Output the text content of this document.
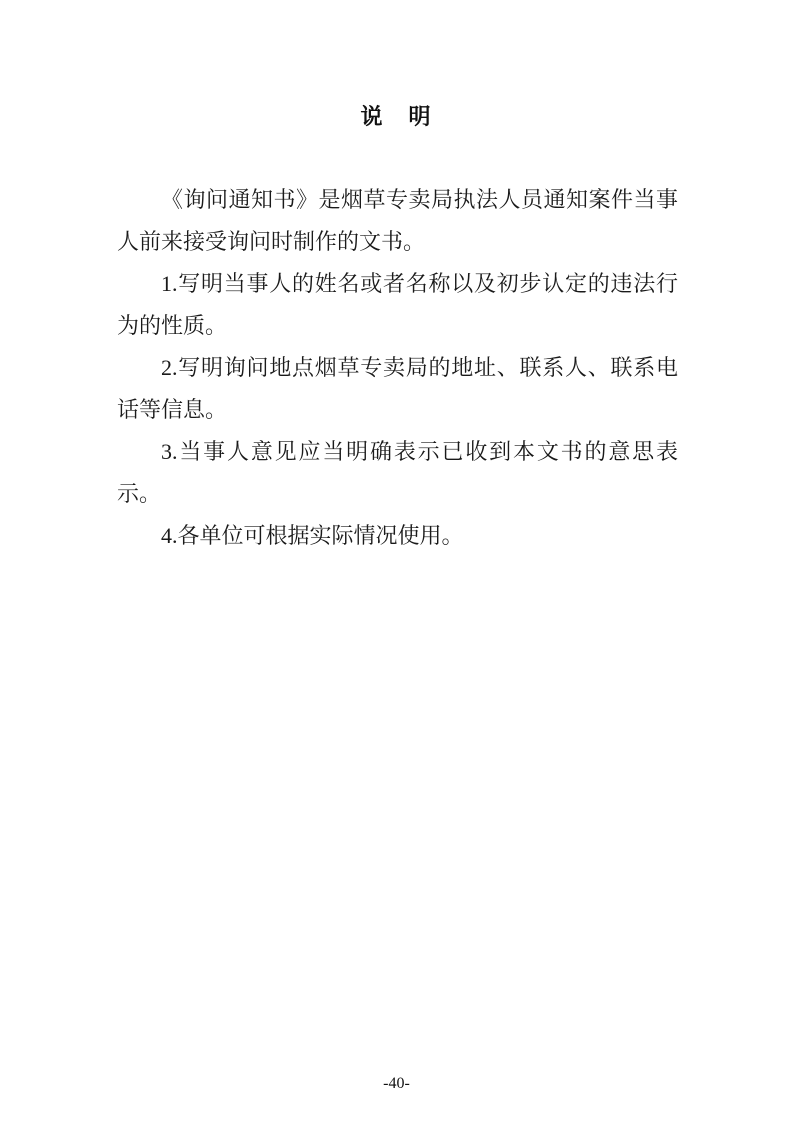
说　明

《询问通知书》是烟草专卖局执法人员通知案件当事人前来接受询问时制作的文书。

1.写明当事人的姓名或者名称以及初步认定的违法行为的性质。

2.写明询问地点烟草专卖局的地址、联系人、联系电话等信息。

3.当事人意见应当明确表示已收到本文书的意思表示。

4.各单位可根据实际情况使用。

-40-
